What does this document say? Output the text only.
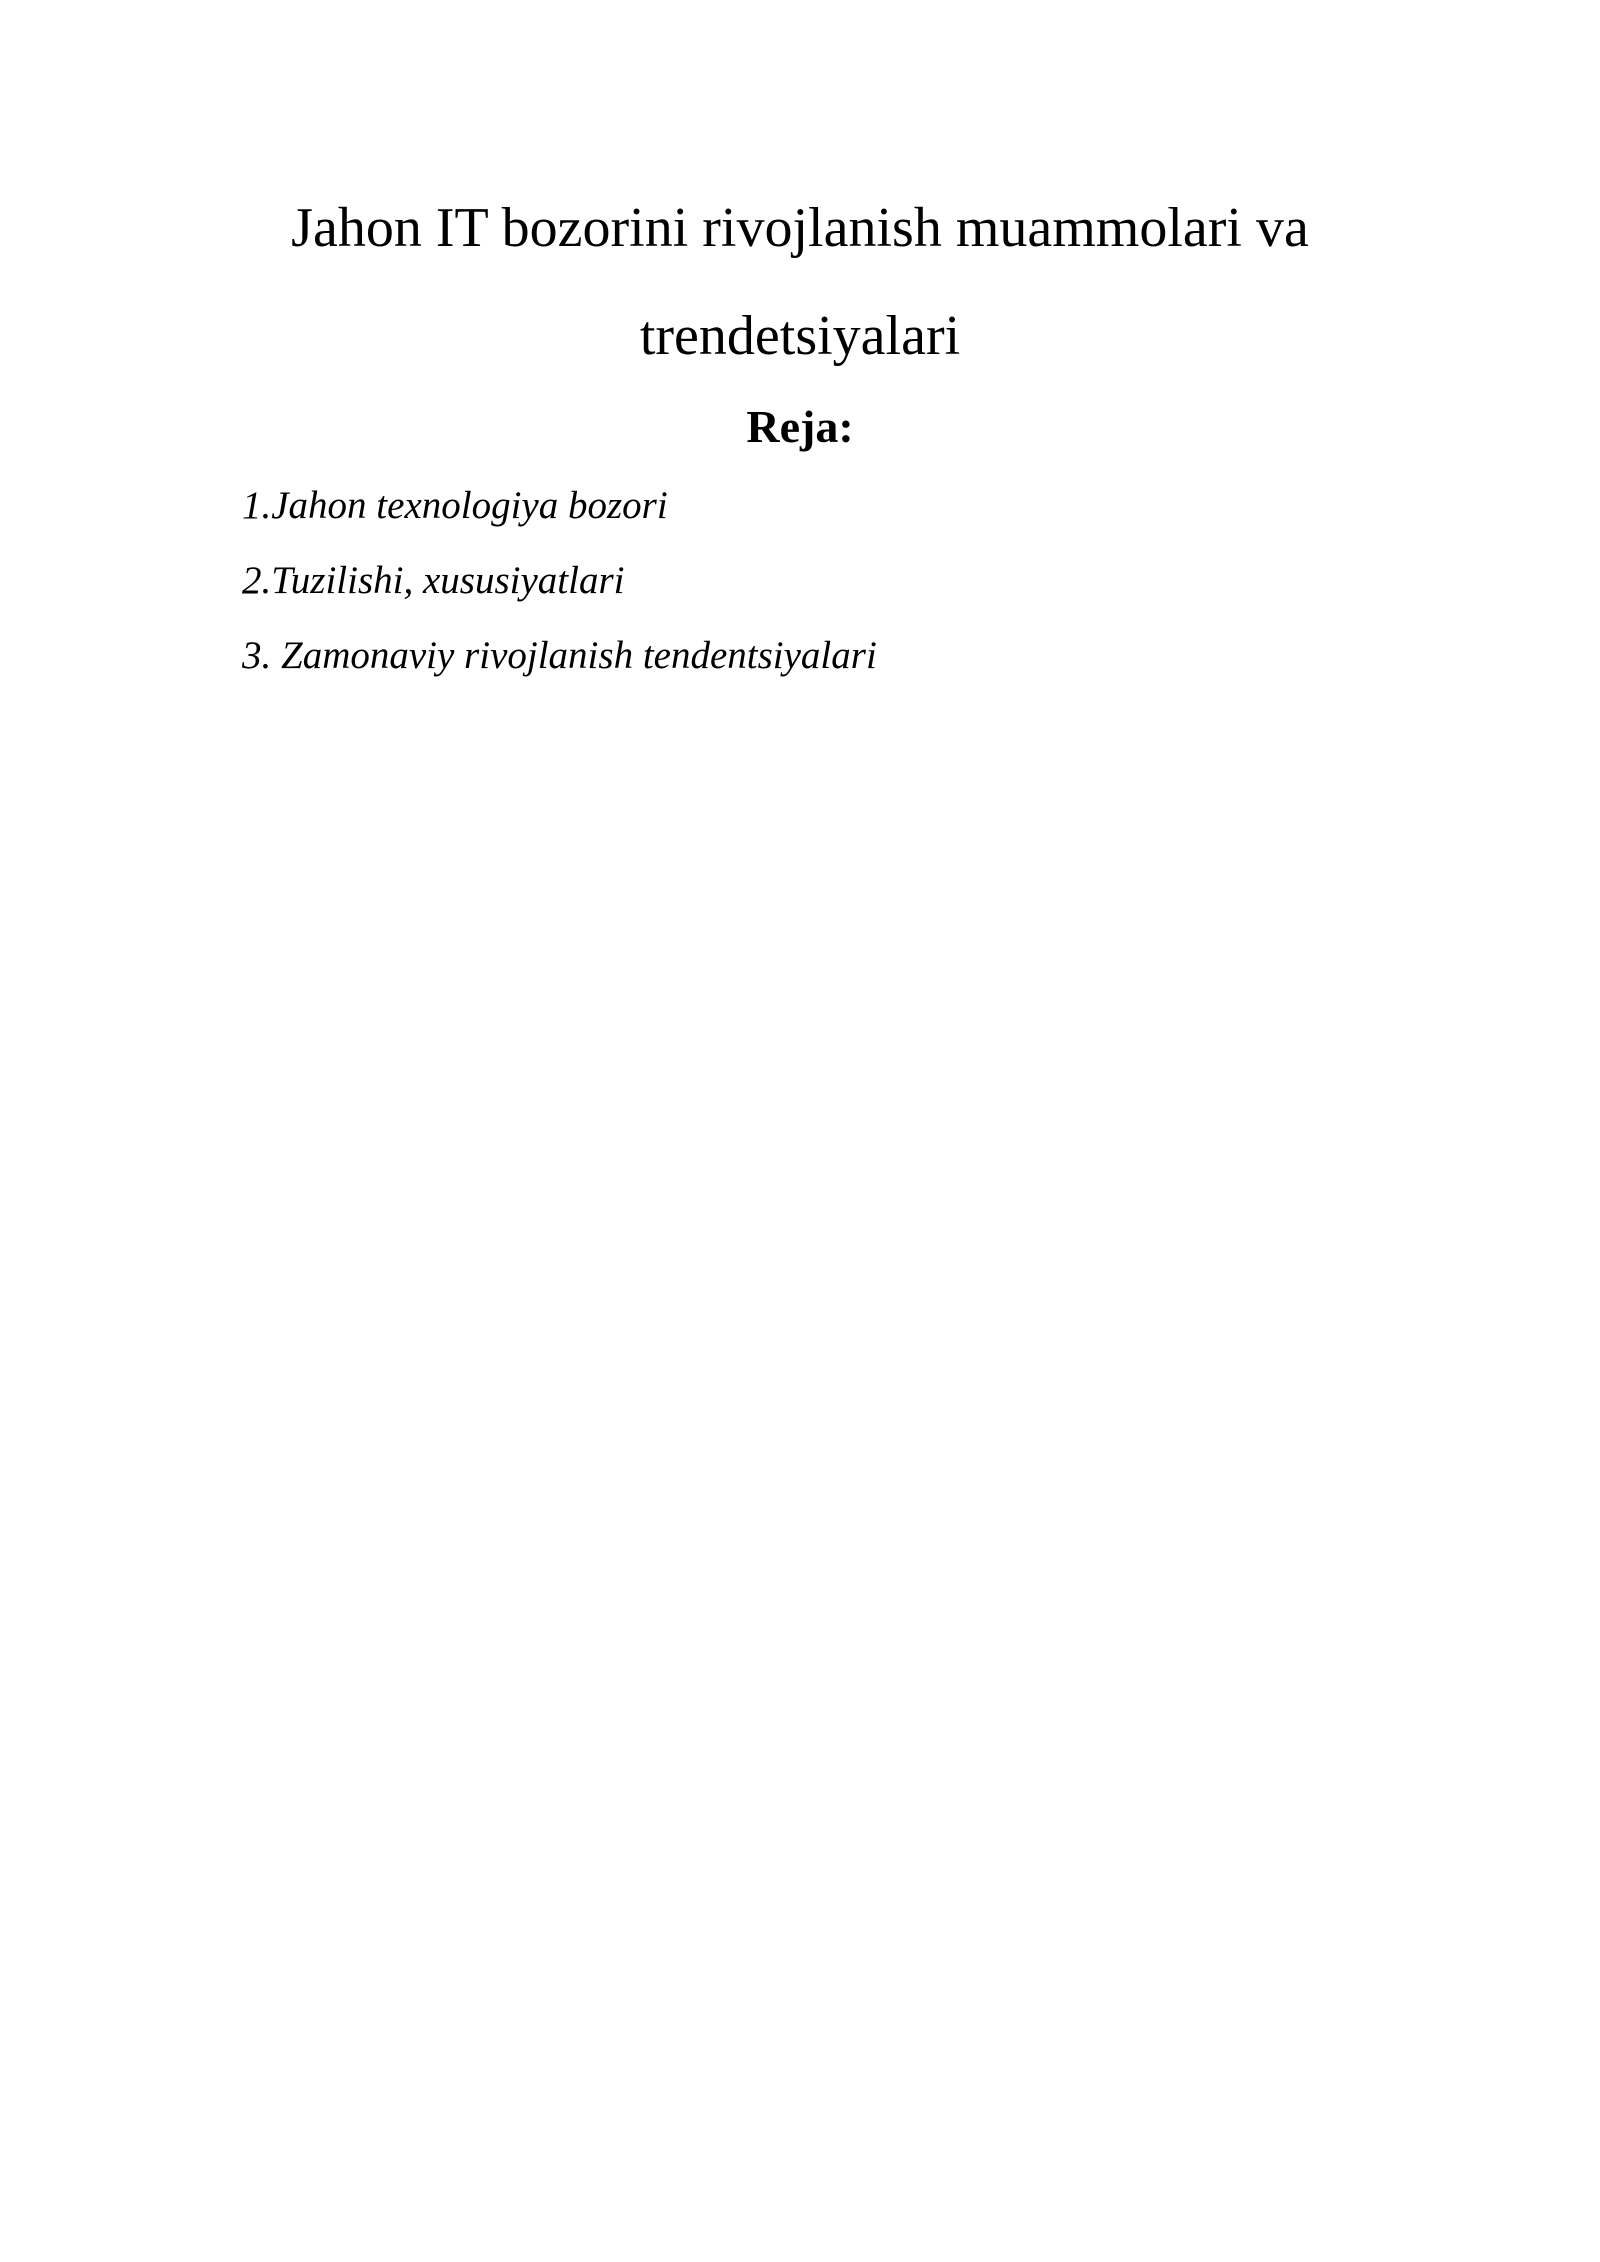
Jahon IT bozorini rivojlanish muammolari va
trendetsiyalari
Reja:
1.Jahon texnologiya bozori
2.Tuzilishi, xususiyatlari
3. Zamonaviy rivojlanish tendentsiyalari
